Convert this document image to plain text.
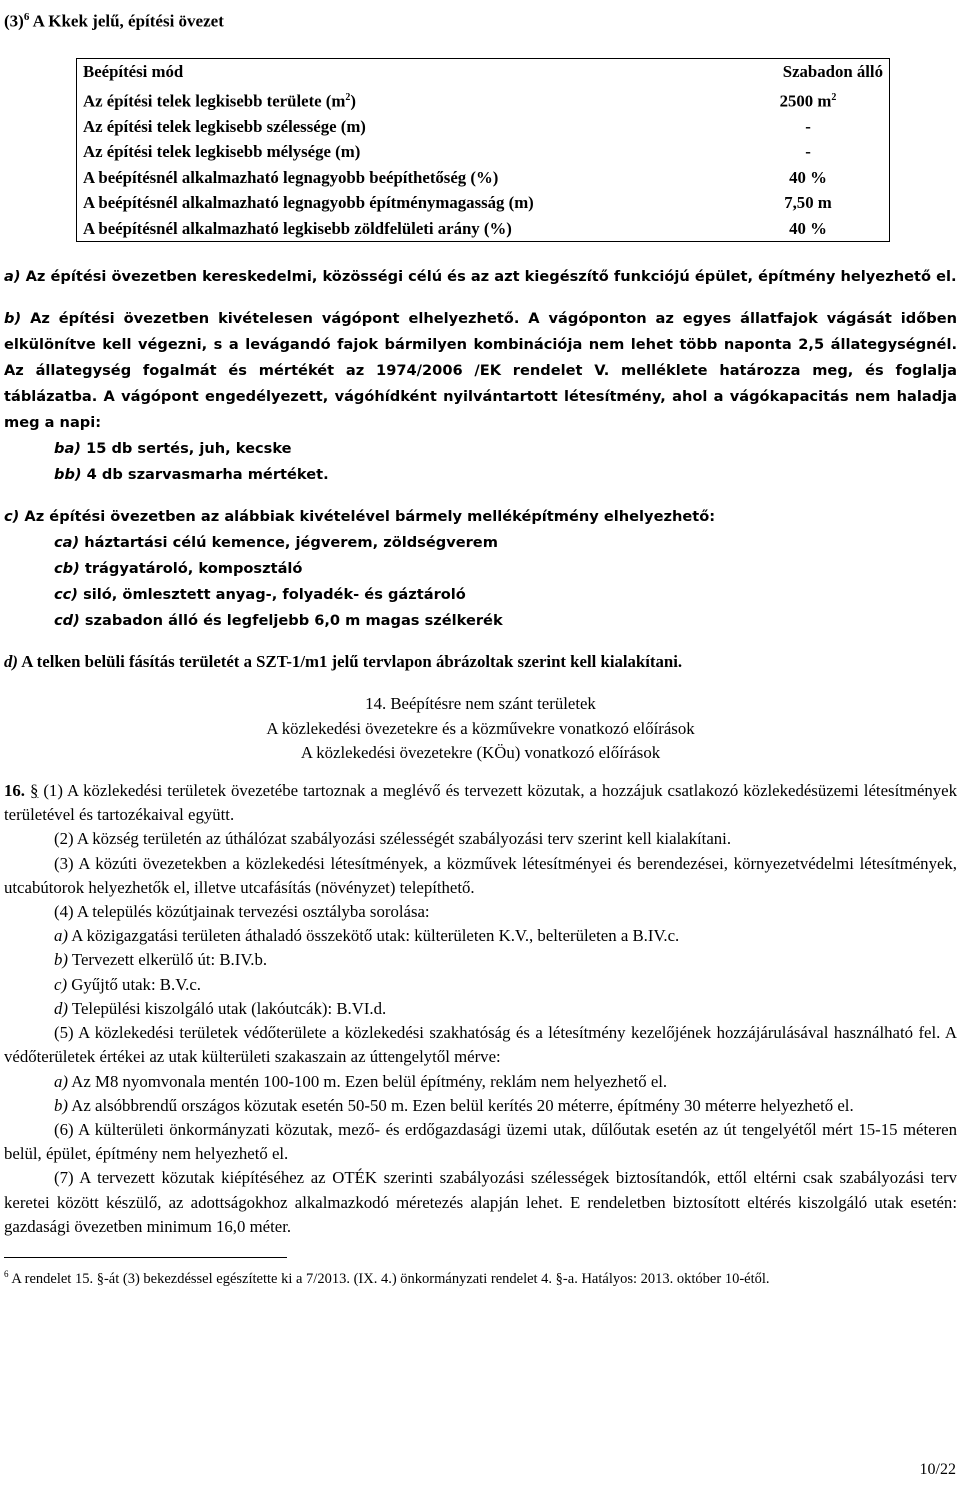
$(3)^6$ A Kkek jelű, építési övezet
Beépítési mód	Szabadon álló
Az építési telek legkisebb területe $(m^2)$	2500 $m^2$
Az építési telek legkisebb szélessége (m)	-
Az építési telek legkisebb mélysége (m)	-
A beépítésnél alkalmazható legnagyobb beépíthetőség (%)	40 %
A beépítésnél alkalmazható legnagyobb építménymagasság (m)	7,50 m
A beépítésnél alkalmazható legkisebb zöldfelületi arány (%)	40 %

a) Az építési övezetben kereskedelmi, közösségi célú és az azt kiegészítő funkciójú épület, építmény helyezhető el.

b) Az építési övezetben kivételesen vágópont elhelyezhető. A vágóponton az egyes állatfajok vágását időben elkülönítve kell végezni, s a levágandó fajok bármilyen kombinációja nem lehet több naponta 2,5 állategységnél. Az állategység fogalmát és mértékét az 1974/2006 /EK rendelet V. melléklete határozza meg, és foglalja táblázatba. A vágópont engedélyezett, vágóhídként nyilvántartott létesítmény, ahol a vágókapacitás nem haladja meg a napi:

ba) 15 db sertés, juh, kecske
bb) 4 db szarvasmarha mértéket.

c) Az építési övezetben az alábbiak kivételével bármely melléképítmény elhelyezhető:

ca) háztartási célú kemence, jégverem, zöldségverem
cb) trágyatároló, komposztáló
cc) siló, ömlesztett anyag-, folyadék- és gáztároló
cd) szabadon álló és legfeljebb 6,0 m magas szélkerék

d) A telken belüli fásítás területét a SZT-1/m1 jelű tervlapon ábrázoltak szerint kell kialakítani.

14. Beépítésre nem szánt területek
A közlekedési övezetekre és a közművekre vonatkozó előírások
A közlekedési övezetekre (KÖu) vonatkozó előírások

16. § (1) A közlekedési területek övezetébe tartoznak a meglévő és tervezett közutak, a hozzájuk csatlakozó közlekedésüzemi létesítmények területével és tartozékaival együtt.

(2) A község területén az úthálózat szabályozási szélességét szabályozási terv szerint kell kialakítani.

(3) A közúti övezetekben a közlekedési létesítmények, a közművek létesítményei és berendezései, környezetvédelmi létesítmények, utcabútorok helyezhetők el, illetve utcafásítás (növényzet) telepíthető.

(4) A település közútjainak tervezési osztályba sorolása:

a) A közigazgatási területen áthaladó összekötő utak: külterületen K.V., belterületen a B.IV.c.

b) Tervezett elkerülő út: B.IV.b.

c) Gyűjtő utak: B.V.c.

d) Települési kiszolgáló utak (lakóutcák): B.VI.d.

(5) A közlekedési területek védőterülete a közlekedési szakhatóság és a létesítmény kezelőjének hozzájárulásával használható fel. A védőterületek értékei az utak külterületi szakaszain az úttengelytől mérve:

a) Az M8 nyomvonala mentén 100-100 m. Ezen belül építmény, reklám nem helyezhető el.

b) Az alsóbbrendű országos közutak esetén 50-50 m. Ezen belül kerítés 20 méterre, építmény 30 méterre helyezhető el.

(6) A külterületi önkormányzati közutak, mező- és erdőgazdasági üzemi utak, dűlőutak esetén az út tengelyétől mért 15-15 méteren belül, épület, építmény nem helyezhető el.

(7) A tervezett közutak kiépítéséhez az OTÉK szerinti szabályozási szélességek biztosítandók, ettől eltérni csak szabályozási terv keretei között készülő, az adottságokhoz alkalmazkodó méretezés alapján lehet. E rendeletben biztosított eltérés kiszolgáló utak esetén: gazdasági övezetben minimum 16,0 méter.

$^6$ A rendelet 15. §-át (3) bekezdéssel egészítette ki a 7/2013. (IX. 4.) önkormányzati rendelet 4. §-a. Hatályos: 2013. október 10-étől.
10/22
